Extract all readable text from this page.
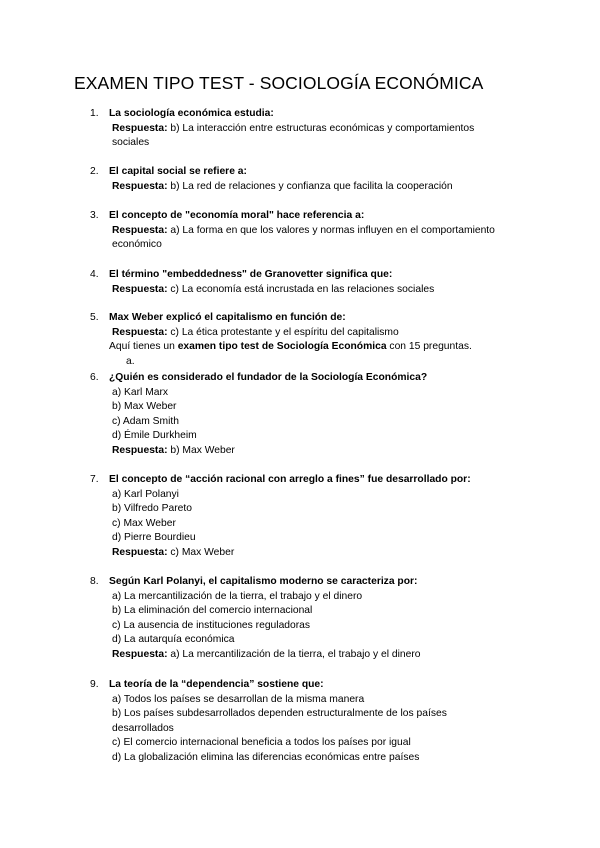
EXAMEN TIPO TEST - SOCIOLOGÍA ECONÓMICA
1. La sociología económica estudia:
Respuesta: b) La interacción entre estructuras económicas y comportamientos
sociales
2. El capital social se refiere a:
Respuesta: b) La red de relaciones y confianza que facilita la cooperación
3. El concepto de "economía moral" hace referencia a:
Respuesta: a) La forma en que los valores y normas influyen en el comportamiento
económico
4. El término "embeddedness" de Granovetter significa que:
Respuesta: c) La economía está incrustada en las relaciones sociales
5. Max Weber explicó el capitalismo en función de:
Respuesta: c) La ética protestante y el espíritu del capitalismo
Aquí tienes un examen tipo test de Sociología Económica con 15 preguntas.
a.
6. ¿Quién es considerado el fundador de la Sociología Económica?
a) Karl Marx
b) Max Weber
c) Adam Smith
d) Émile Durkheim
Respuesta: b) Max Weber
7. El concepto de “acción racional con arreglo a fines” fue desarrollado por:
a) Karl Polanyi
b) Vilfredo Pareto
c) Max Weber
d) Pierre Bourdieu
Respuesta: c) Max Weber
8. Según Karl Polanyi, el capitalismo moderno se caracteriza por:
a) La mercantilización de la tierra, el trabajo y el dinero
b) La eliminación del comercio internacional
c) La ausencia de instituciones reguladoras
d) La autarquía económica
Respuesta: a) La mercantilización de la tierra, el trabajo y el dinero
9. La teoría de la “dependencia” sostiene que:
a) Todos los países se desarrollan de la misma manera
b) Los países subdesarrollados dependen estructuralmente de los países
desarrollados
c) El comercio internacional beneficia a todos los países por igual
d) La globalización elimina las diferencias económicas entre países
